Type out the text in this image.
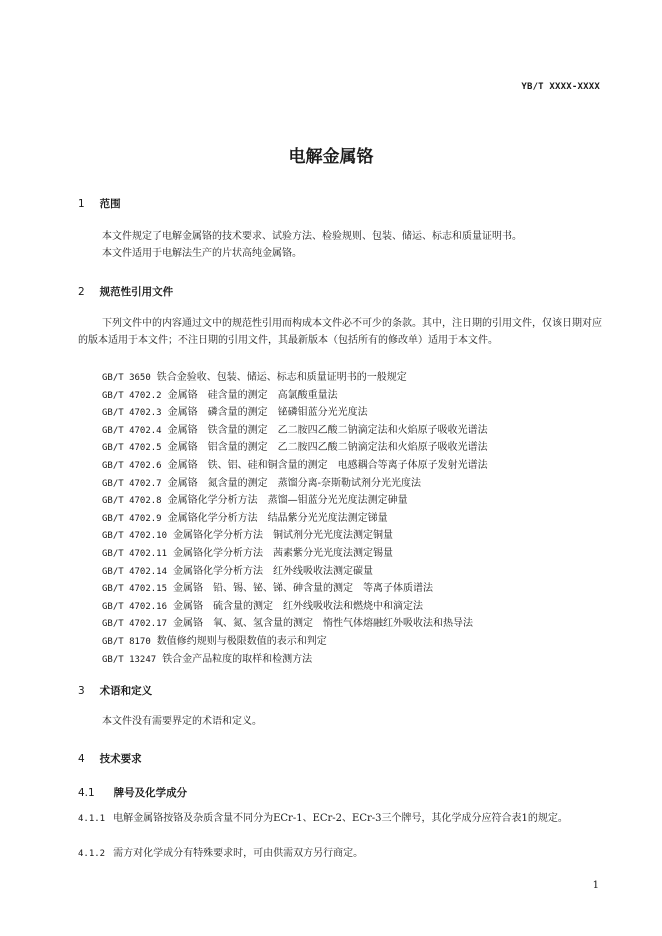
YB/T XXXX-XXXX
电解金属铬
1 范围
本文件规定了电解金属铬的技术要求、试验方法、检验规则、包装、储运、标志和质量证明书。
本文件适用于电解法生产的片状高纯金属铬。
2 规范性引用文件
下列文件中的内容通过文中的规范性引用而构成本文件必不可少的条款。其中，注日期的引用文件，仅该日期对应的版本适用于本文件；不注日期的引用文件，其最新版本（包括所有的修改单）适用于本文件。
GB/T 3650 铁合金验收、包装、储运、标志和质量证明书的一般规定
GB/T 4702.2 金属铬　硅含量的测定　高氯酸重量法
GB/T 4702.3 金属铬　磷含量的测定　铋磷钼蓝分光光度法
GB/T 4702.4 金属铬　铁含量的测定　乙二胺四乙酸二钠滴定法和火焰原子吸收光谱法
GB/T 4702.5 金属铬　铝含量的测定　乙二胺四乙酸二钠滴定法和火焰原子吸收光谱法
GB/T 4702.6 金属铬　铁、铝、硅和铜含量的测定　电感耦合等离子体原子发射光谱法
GB/T 4702.7 金属铬　氮含量的测定　蒸馏分离-奈斯勒试剂分光光度法
GB/T 4702.8 金属铬化学分析方法　蒸馏—钼蓝分光光度法测定砷量
GB/T 4702.9 金属铬化学分析方法　结晶紫分光光度法测定锑量
GB/T 4702.10 金属铬化学分析方法　铜试剂分光光度法测定铜量
GB/T 4702.11 金属铬化学分析方法　茜素紫分光光度法测定锡量
GB/T 4702.14 金属铬化学分析方法　红外线吸收法测定碳量
GB/T 4702.15 金属铬　铅、锡、铋、锑、砷含量的测定　等离子体质谱法
GB/T 4702.16 金属铬　硫含量的测定　红外线吸收法和燃烧中和滴定法
GB/T 4702.17 金属铬　氧、氮、氢含量的测定　惰性气体熔融红外吸收法和热导法
GB/T 8170 数值修约规则与极限数值的表示和判定
GB/T 13247 铁合金产品粒度的取样和检测方法
3 术语和定义
本文件没有需要界定的术语和定义。
4 技术要求
4.1 牌号及化学成分
4.1.1 电解金属铬按铬及杂质含量不同分为ECr-1、ECr-2、ECr-3三个牌号，其化学成分应符合表1的规定。
4.1.2 需方对化学成分有特殊要求时，可由供需双方另行商定。
1
